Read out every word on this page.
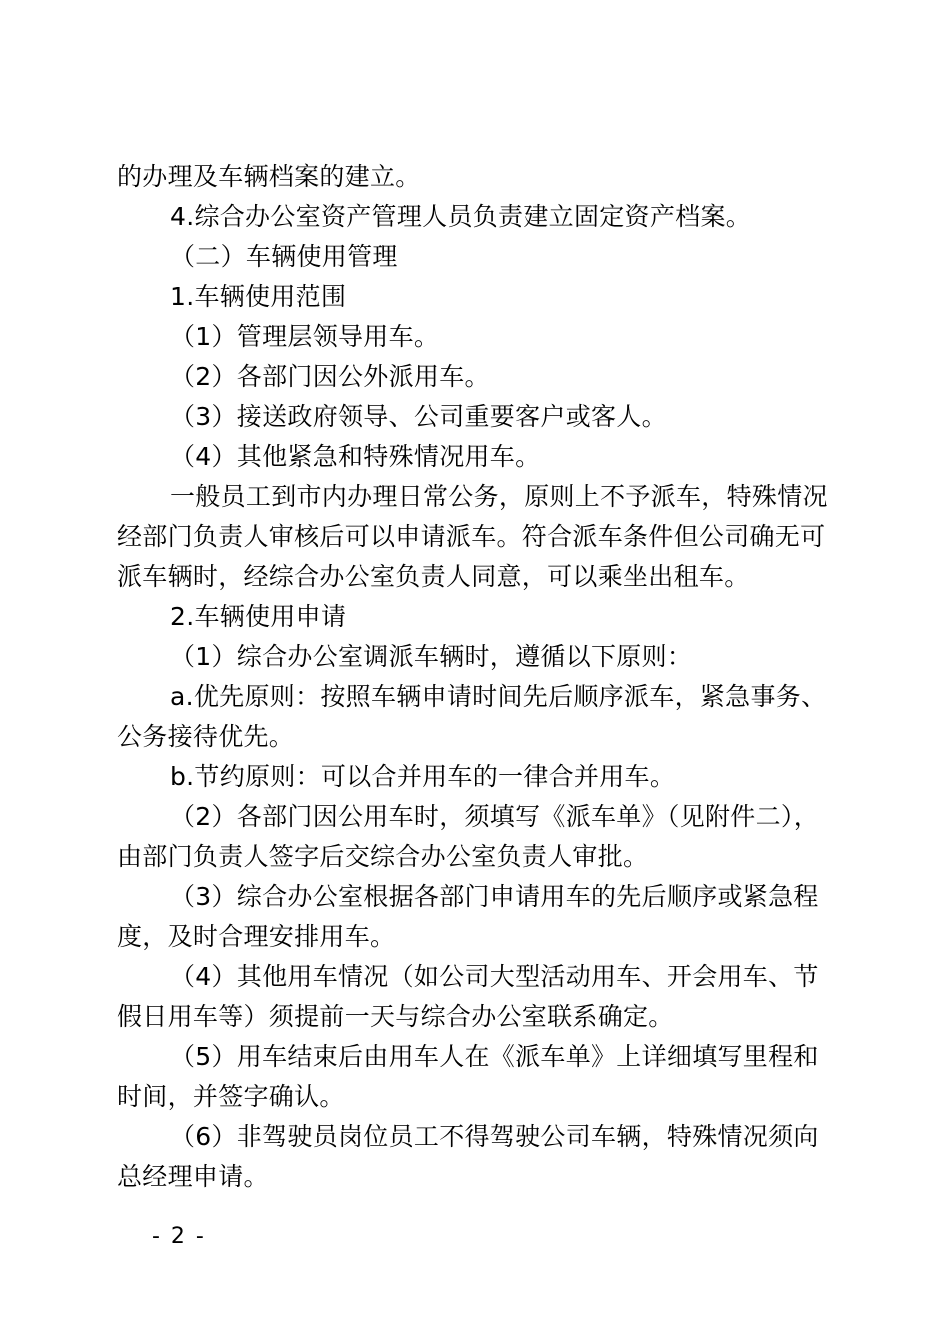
的办理及车辆档案的建立。
4.综合办公室资产管理人员负责建立固定资产档案。
（二）车辆使用管理
1.车辆使用范围
（1）管理层领导用车。
（2）各部门因公外派用车。
（3）接送政府领导、公司重要客户或客人。
（4）其他紧急和特殊情况用车。
一般员工到市内办理日常公务，原则上不予派车，特殊情况
经部门负责人审核后可以申请派车。符合派车条件但公司确无可
派车辆时，经综合办公室负责人同意，可以乘坐出租车。
2.车辆使用申请
（1）综合办公室调派车辆时，遵循以下原则：
a.优先原则：按照车辆申请时间先后顺序派车，紧急事务、
公务接待优先。
b.节约原则：可以合并用车的一律合并用车。
（2）各部门因公用车时，须填写《派车单》（见附件二），
由部门负责人签字后交综合办公室负责人审批。
（3）综合办公室根据各部门申请用车的先后顺序或紧急程
度，及时合理安排用车。
（4）其他用车情况（如公司大型活动用车、开会用车、节
假日用车等）须提前一天与综合办公室联系确定。
（5）用车结束后由用车人在《派车单》上详细填写里程和
时间，并签字确认。
（6）非驾驶员岗位员工不得驾驶公司车辆，特殊情况须向
总经理申请。
- 2 -
